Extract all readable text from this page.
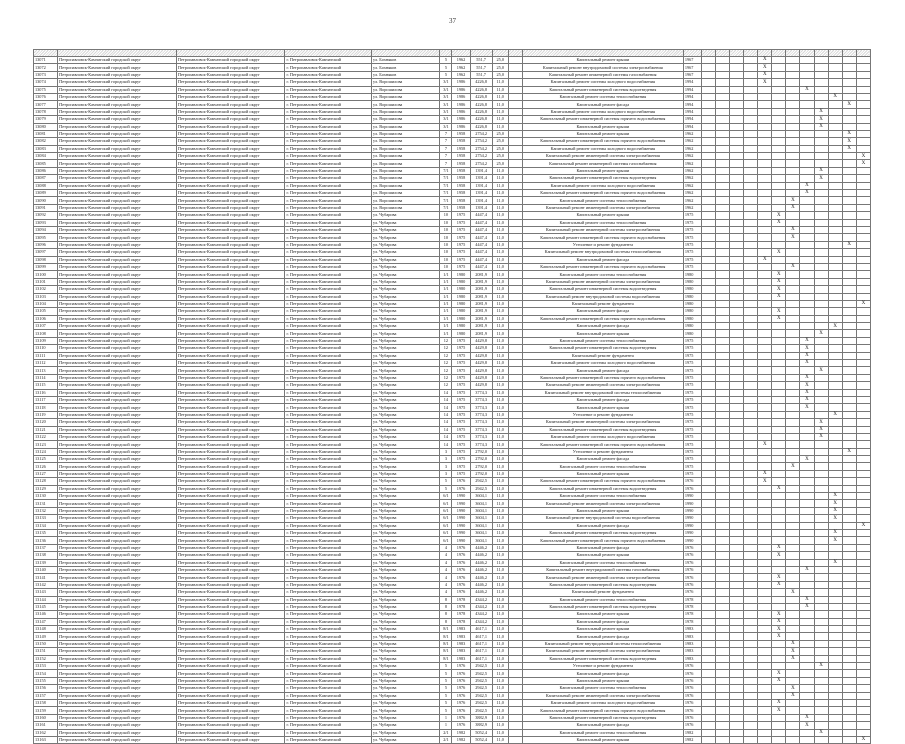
37

13071	Петропавловск-Камчатский городской округ	Петропавловск-Камчатский городской округ	г. Петропавловск-Камчатский	ул. Бохняков	5	1962	551,7	25,0		Капитальный ремонт крыши	1967					X							
13072	Петропавловск-Камчатский городской округ	Петропавловск-Камчатский городской округ	г. Петропавловск-Камчатский	ул. Бохняков	5	1962	551,7	25,0		Капитальный ремонт внутридомовой системы электроснабжения	1967					X							
13073	Петропавловск-Камчатский городской округ	Петропавловск-Камчатский городской округ	г. Петропавловск-Камчатский	ул. Бохняков	5	1962	551,7	25,0		Капитальный ремонт инженерной системы газоснабжения	1967					X							
13074	Петропавловск-Камчатский городской округ	Петропавловск-Камчатский городской округ	г. Петропавловск-Камчатский	ул. Ворошилова	3/1	1986	4226,8	11,0		Капитальный ремонт системы холодного водоснабжения	1994					X							
13075	Петропавловск-Камчатский городской округ	Петропавловск-Камчатский городской округ	г. Петропавловск-Камчатский	ул. Ворошилова	3/1	1986	4226,8	11,0		Капитальный ремонт инженерной системы водоотведения	1994								X				
13076	Петропавловск-Камчатский городской округ	Петропавловск-Камчатский городской округ	г. Петропавловск-Камчатский	ул. Ворошилова	3/1	1986	4226,8	11,0		Капитальный ремонт системы теплоснабжения	1994										X		
13077	Петропавловск-Камчатский городской округ	Петропавловск-Камчатский городской округ	г. Петропавловск-Камчатский	ул. Ворошилова	3/1	1986	4226,8	11,0		Капитальный ремонт фасада	1994											X	
13078	Петропавловск-Камчатский городской округ	Петропавловск-Камчатский городской округ	г. Петропавловск-Камчатский	ул. Ворошилова	3/1	1986	4226,8	11,0		Капитальный ремонт системы холодного водоснабжения	1994									X			
13079	Петропавловск-Камчатский городской округ	Петропавловск-Камчатский городской округ	г. Петропавловск-Камчатский	ул. Ворошилова	3/1	1986	4226,8	11,0		Капитальный ремонт инженерной системы горячего водоснабжения	1994									X			
13080	Петропавловск-Камчатский городской округ	Петропавловск-Камчатский городской округ	г. Петропавловск-Камчатский	ул. Ворошилова	3/1	1986	4226,8	11,0		Капитальный ремонт крыши	1994									X			
13081	Петропавловск-Камчатский городской округ	Петропавловск-Камчатский городской округ	г. Петропавловск-Камчатский	ул. Ворошилова	7	1958	2754,2	25,0		Капитальный ремонт крыши	1962											X	
13082	Петропавловск-Камчатский городской округ	Петропавловск-Камчатский городской округ	г. Петропавловск-Камчатский	ул. Ворошилова	7	1958	2754,2	25,0		Капитальный ремонт инженерной системы горячего водоснабжения	1962											X	
13083	Петропавловск-Камчатский городской округ	Петропавловск-Камчатский городской округ	г. Петропавловск-Камчатский	ул. Ворошилова	7	1958	2754,2	25,0		Капитальный ремонт системы холодного водоснабжения	1962											X	
13084	Петропавловск-Камчатский городской округ	Петропавловск-Камчатский городской округ	г. Петропавловск-Камчатский	ул. Ворошилова	7	1958	2754,2	25,0		Капитальный ремонт инженерной системы электроснабжения	1962												X
13085	Петропавловск-Камчатский городской округ	Петропавловск-Камчатский городской округ	г. Петропавловск-Камчатский	ул. Ворошилова	7	1958	2754,2	25,0		Капитальный ремонт инженерной системы газоснабжения	1962												X
13086	Петропавловск-Камчатский городской округ	Петропавловск-Камчатский городской округ	г. Петропавловск-Камчатский	ул. Ворошилова	7/1	1958	1391,4	11,0		Капитальный ремонт крыши	1962									X			
13087	Петропавловск-Камчатский городской округ	Петропавловск-Камчатский городской округ	г. Петропавловск-Камчатский	ул. Ворошилова	7/1	1958	1391,4	11,0		Капитальный ремонт инженерной системы водоотведения	1962									X			
13088	Петропавловск-Камчатский городской округ	Петропавловск-Камчатский городской округ	г. Петропавловск-Камчатский	ул. Ворошилова	7/1	1958	1391,4	11,0		Капитальный ремонт системы холодного водоснабжения	1962								X				
13089	Петропавловск-Камчатский городской округ	Петропавловск-Камчатский городской округ	г. Петропавловск-Камчатский	ул. Ворошилова	7/1	1958	1391,4	11,0		Капитальный ремонт инженерной системы горячего водоснабжения	1962								X				
13090	Петропавловск-Камчатский городской округ	Петропавловск-Камчатский городской округ	г. Петропавловск-Камчатский	ул. Ворошилова	7/1	1958	1391,4	11,0		Капитальный ремонт системы теплоснабжения	1962							X					
13091	Петропавловск-Камчатский городской округ	Петропавловск-Камчатский городской округ	г. Петропавловск-Камчатский	ул. Ворошилова	7/1	1958	1391,4	11,0		Капитальный ремонт инженерной системы электроснабжения	1962							X					
13092	Петропавловск-Камчатский городской округ	Петропавловск-Камчатский городской округ	г. Петропавловск-Камчатский	ул. Чубарова	10	1975	4447,4	11,0		Капитальный ремонт крыши	1975						X						
13093	Петропавловск-Камчатский городской округ	Петропавловск-Камчатский городской округ	г. Петропавловск-Камчатский	ул. Чубарова	10	1975	4447,4	11,0		Капитальный ремонт системы теплоснабжения	1975						X						
13094	Петропавловск-Камчатский городской округ	Петропавловск-Камчатский городской округ	г. Петропавловск-Камчатский	ул. Чубарова	10	1975	4447,4	11,0		Капитальный ремонт инженерной системы электроснабжения	1975							X					
13095	Петропавловск-Камчатский городской округ	Петропавловск-Камчатский городской округ	г. Петропавловск-Камчатский	ул. Чубарова	10	1975	4447,4	11,0		Капитальный ремонт инженерной системы горячего водоснабжения	1975							X					
13096	Петропавловск-Камчатский городской округ	Петропавловск-Камчатский городской округ	г. Петропавловск-Камчатский	ул. Чубарова	10	1975	4447,4	11,0		Утепление и ремонт фундамента	1975											X	
13097	Петропавловск-Камчатский городской округ	Петропавловск-Камчатский городской округ	г. Петропавловск-Камчатский	ул. Чубарова	10	1975	4447,4	11,0		Капитальный ремонт внутридомовой системы теплоснабжения	1975						X						
13098	Петропавловск-Камчатский городской округ	Петропавловск-Камчатский городской округ	г. Петропавловск-Камчатский	ул. Чубарова	10	1975	4447,4	11,0		Капитальный ремонт фасада	1975					X							
13099	Петропавловск-Камчатский городской округ	Петропавловск-Камчатский городской округ	г. Петропавловск-Камчатский	ул. Чубарова	10	1975	4447,4	11,0		Капитальный ремонт инженерной системы горячего водоснабжения	1975							X					
13100	Петропавловск-Камчатский городской округ	Петропавловск-Камчатский городской округ	г. Петропавловск-Камчатский	ул. Чубарова	1/1	1980	2081,9	11,0		Капитальный ремонт системы теплоснабжения	1980						X						
13101	Петропавловск-Камчатский городской округ	Петропавловск-Камчатский городской округ	г. Петропавловск-Камчатский	ул. Чубарова	1/1	1980	2081,9	11,0		Капитальный ремонт инженерной системы электроснабжения	1980						X						
13102	Петропавловск-Камчатский городской округ	Петропавловск-Камчатский городской округ	г. Петропавловск-Камчатский	ул. Чубарова	1/1	1980	2081,9	11,0		Капитальный ремонт инженерной системы водоотведения	1980						X						
13103	Петропавловск-Камчатский городской округ	Петропавловск-Камчатский городской округ	г. Петропавловск-Камчатский	ул. Чубарова	1/1	1980	2081,9	11,0		Капитальный ремонт внутридомовой системы водоснабжения	1980						X						
13104	Петропавловск-Камчатский городской округ	Петропавловск-Камчатский городской округ	г. Петропавловск-Камчатский	ул. Чубарова	1/1	1980	2081,9	11,0		Капитальный ремонт фундамента	1980												X
13105	Петропавловск-Камчатский городской округ	Петропавловск-Камчатский городской округ	г. Петропавловск-Камчатский	ул. Чубарова	1/1	1980	2081,9	11,0		Капитальный ремонт фасада	1980						X						
13106	Петропавловск-Камчатский городской округ	Петропавловск-Камчатский городской округ	г. Петропавловск-Камчатский	ул. Чубарова	1/1	1980	2081,9	11,0		Капитальный ремонт инженерной системы горячего водоснабжения	1980						X						
13107	Петропавловск-Камчатский городской округ	Петропавловск-Камчатский городской округ	г. Петропавловск-Камчатский	ул. Чубарова	1/1	1980	2081,9	11,0		Капитальный ремонт фасада	1980										X		
13108	Петропавловск-Камчатский городской округ	Петропавловск-Камчатский городской округ	г. Петропавловск-Камчатский	ул. Чубарова	1/1	1980	2081,9	11,0		Капитальный ремонт крыши	1980									X			
13109	Петропавловск-Камчатский городской округ	Петропавловск-Камчатский городской округ	г. Петропавловск-Камчатский	ул. Чубарова	12	1975	4429,8	11,0		Капитальный ремонт системы теплоснабжения	1975								X				
13110	Петропавловск-Камчатский городской округ	Петропавловск-Камчатский городской округ	г. Петропавловск-Камчатский	ул. Чубарова	12	1975	4429,8	11,0		Капитальный ремонт инженерной системы водоотведения	1975								X				
13111	Петропавловск-Камчатский городской округ	Петропавловск-Камчатский городской округ	г. Петропавловск-Камчатский	ул. Чубарова	12	1975	4429,8	11,0		Капитальный ремонт фундамента	1975								X				
13112	Петропавловск-Камчатский городской округ	Петропавловск-Камчатский городской округ	г. Петропавловск-Камчатский	ул. Чубарова	12	1975	4429,8	11,0		Капитальный ремонт системы холодного водоснабжения	1975								X				
13113	Петропавловск-Камчатский городской округ	Петропавловск-Камчатский городской округ	г. Петропавловск-Камчатский	ул. Чубарова	12	1975	4429,8	11,0		Капитальный ремонт фасада	1975									X			
13114	Петропавловск-Камчатский городской округ	Петропавловск-Камчатский городской округ	г. Петропавловск-Камчатский	ул. Чубарова	12	1975	4429,8	11,0		Капитальный ремонт инженерной системы горячего водоснабжения	1975								X				
13115	Петропавловск-Камчатский городской округ	Петропавловск-Камчатский городской округ	г. Петропавловск-Камчатский	ул. Чубарова	12	1975	4429,8	11,0		Капитальный ремонт инженерной системы электроснабжения	1975								X				
13116	Петропавловск-Камчатский городской округ	Петропавловск-Камчатский городской округ	г. Петропавловск-Камчатский	ул. Чубарова	14	1975	3774,3	11,0		Капитальный ремонт внутридомовой системы теплоснабжения	1975								X				
13117	Петропавловск-Камчатский городской округ	Петропавловск-Камчатский городской округ	г. Петропавловск-Камчатский	ул. Чубарова	14	1975	3774,3	11,0		Капитальный ремонт фасада	1975								X				
13118	Петропавловск-Камчатский городской округ	Петропавловск-Камчатский городской округ	г. Петропавловск-Камчатский	ул. Чубарова	14	1975	3774,3	11,0		Капитальный ремонт крыши	1975								X				
13119	Петропавловск-Камчатский городской округ	Петропавловск-Камчатский городской округ	г. Петропавловск-Камчатский	ул. Чубарова	14	1975	3774,3	11,0		Утепление и ремонт фундамента	1975										X		
13120	Петропавловск-Камчатский городской округ	Петропавловск-Камчатский городской округ	г. Петропавловск-Камчатский	ул. Чубарова	14	1975	3774,3	11,0		Капитальный ремонт инженерной системы электроснабжения	1975									X			
13121	Петропавловск-Камчатский городской округ	Петропавловск-Камчатский городской округ	г. Петропавловск-Камчатский	ул. Чубарова	14	1975	3774,3	11,0		Капитальный ремонт инженерной системы водоотведения	1975									X			
13122	Петропавловск-Камчатский городской округ	Петропавловск-Камчатский городской округ	г. Петропавловск-Камчатский	ул. Чубарова	14	1975	3774,3	11,0		Капитальный ремонт системы холодного водоснабжения	1975									X			
13123	Петропавловск-Камчатский городской округ	Петропавловск-Камчатский городской округ	г. Петропавловск-Камчатский	ул. Чубарова	14	1975	3774,3	11,0		Капитальный ремонт инженерной системы горячего водоснабжения	1975					X							
13124	Петропавловск-Камчатский городской округ	Петропавловск-Камчатский городской округ	г. Петропавловск-Камчатский	ул. Чубарова	3	1975	2792,0	11,0		Утепление и ремонт фундамента	1975											X	
13125	Петропавловск-Камчатский городской округ	Петропавловск-Камчатский городской округ	г. Петропавловск-Камчатский	ул. Чубарова	3	1975	2792,0	11,0		Капитальный ремонт фасада	1975								X				
13126	Петропавловск-Камчатский городской округ	Петропавловск-Камчатский городской округ	г. Петропавловск-Камчатский	ул. Чубарова	3	1975	2792,0	11,0		Капитальный ремонт системы теплоснабжения	1975							X					
13127	Петропавловск-Камчатский городской округ	Петропавловск-Камчатский городской округ	г. Петропавловск-Камчатский	ул. Чубарова	3	1975	2792,0	11,0		Капитальный ремонт крыши	1975					X							
13128	Петропавловск-Камчатский городской округ	Петропавловск-Камчатский городской округ	г. Петропавловск-Камчатский	ул. Чубарова	5	1976	2942,5	11,0		Капитальный ремонт инженерной системы горячего водоснабжения	1976					X							
13129	Петропавловск-Камчатский городской округ	Петропавловск-Камчатский городской округ	г. Петропавловск-Камчатский	ул. Чубарова	5	1976	2942,5	11,0		Капитальный ремонт инженерной системы водоотведения	1976						X						
13130	Петропавловск-Камчатский городской округ	Петропавловск-Камчатский городской округ	г. Петропавловск-Камчатский	ул. Чубарова	6/1	1990	3604,1	11,0		Капитальный ремонт системы теплоснабжения	1990										X		
13131	Петропавловск-Камчатский городской округ	Петропавловск-Камчатский городской округ	г. Петропавловск-Камчатский	ул. Чубарова	6/1	1990	3604,1	11,0		Капитальный ремонт инженерной системы электроснабжения	1990										X		
13132	Петропавловск-Камчатский городской округ	Петропавловск-Камчатский городской округ	г. Петропавловск-Камчатский	ул. Чубарова	6/1	1990	3604,1	11,0		Капитальный ремонт крыши	1990										X		
13133	Петропавловск-Камчатский городской округ	Петропавловск-Камчатский городской округ	г. Петропавловск-Камчатский	ул. Чубарова	6/1	1990	3604,1	11,0		Капитальный ремонт внутридомовой системы водоснабжения	1990										X		
13134	Петропавловск-Камчатский городской округ	Петропавловск-Камчатский городской округ	г. Петропавловск-Камчатский	ул. Чубарова	6/1	1990	3604,1	11,0		Капитальный ремонт фасада	1990												X
13135	Петропавловск-Камчатский городской округ	Петропавловск-Камчатский городской округ	г. Петропавловск-Камчатский	ул. Чубарова	6/1	1990	3604,1	11,0		Капитальный ремонт инженерной системы водоотведения	1990										X		
13136	Петропавловск-Камчатский городской округ	Петропавловск-Камчатский городской округ	г. Петропавловск-Камчатский	ул. Чубарова	6/1	1990	3604,1	11,0		Капитальный ремонт инженерной системы горячего водоснабжения	1990										X		
13137	Петропавловск-Камчатский городской округ	Петропавловск-Камчатский городской округ	г. Петропавловск-Камчатский	ул. Чубарова	4	1976	4446,2	11,0		Капитальный ремонт фасада	1976						X						
13138	Петропавловск-Камчатский городской округ	Петропавловск-Камчатский городской округ	г. Петропавловск-Камчатский	ул. Чубарова	4	1976	4446,2	11,0		Капитальный ремонт крыши	1976						X						
13139	Петропавловск-Камчатский городской округ	Петропавловск-Камчатский городской округ	г. Петропавловск-Камчатский	ул. Чубарова	4	1976	4446,2	11,0		Капитальный ремонт системы теплоснабжения	1976										X		
13140	Петропавловск-Камчатский городской округ	Петропавловск-Камчатский городской округ	г. Петропавловск-Камчатский	ул. Чубарова	4	1976	4446,2	11,0		Капитальный ремонт внутридомовой системы газоснабжения	1976								X				
13141	Петропавловск-Камчатский городской округ	Петропавловск-Камчатский городской округ	г. Петропавловск-Камчатский	ул. Чубарова	4	1976	4446,2	11,0		Капитальный ремонт инженерной системы электроснабжения	1976						X						
13142	Петропавловск-Камчатский городской округ	Петропавловск-Камчатский городской округ	г. Петропавловск-Камчатский	ул. Чубарова	4	1976	4446,2	11,0		Капитальный ремонт инженерной системы водоотведения	1976						X						
13143	Петропавловск-Камчатский городской округ	Петропавловск-Камчатский городской округ	г. Петропавловск-Камчатский	ул. Чубарова	4	1976	4446,2	11,0		Капитальный ремонт фундамента	1976							X					
13144	Петропавловск-Камчатский городской округ	Петропавловск-Камчатский городской округ	г. Петропавловск-Камчатский	ул. Чубарова	8	1978	4344,2	11,0		Капитальный ремонт системы теплоснабжения	1978								X				
13145	Петропавловск-Камчатский городской округ	Петропавловск-Камчатский городской округ	г. Петропавловск-Камчатский	ул. Чубарова	8	1978	4344,2	11,0		Капитальный ремонт инженерной системы водоотведения	1978								X				
13146	Петропавловск-Камчатский городской округ	Петропавловск-Камчатский городской округ	г. Петропавловск-Камчатский	ул. Чубарова	8	1978	4344,2	11,0		Капитальный ремонт крыши	1978						X						
13147	Петропавловск-Камчатский городской округ	Петропавловск-Камчатский городской округ	г. Петропавловск-Камчатский	ул. Чубарова	8	1978	4344,2	11,0		Капитальный ремонт фасада	1978						X						
13148	Петропавловск-Камчатский городской округ	Петропавловск-Камчатский городской округ	г. Петропавловск-Камчатский	ул. Чубарова	8/1	1983	4617,1	11,0		Капитальный ремонт крыши	1983						X						
13149	Петропавловск-Камчатский городской округ	Петропавловск-Камчатский городской округ	г. Петропавловск-Камчатский	ул. Чубарова	8/1	1983	4617,1	11,0		Капитальный ремонт фасада	1983						X						
13150	Петропавловск-Камчатский городской округ	Петропавловск-Камчатский городской округ	г. Петропавловск-Камчатский	ул. Чубарова	8/1	1983	4617,1	11,0		Капитальный ремонт внутридомовой системы теплоснабжения	1983							X					
13151	Петропавловск-Камчатский городской округ	Петропавловск-Камчатский городской округ	г. Петропавловск-Камчатский	ул. Чубарова	8/1	1983	4617,1	11,0		Капитальный ремонт инженерной системы электроснабжения	1983							X					
13152	Петропавловск-Камчатский городской округ	Петропавловск-Камчатский городской округ	г. Петропавловск-Камчатский	ул. Чубарова	8/1	1983	4617,1	11,0		Капитальный ремонт инженерной системы водоотведения	1983							X					
13153	Петропавловск-Камчатский городской округ	Петропавловск-Камчатский городской округ	г. Петропавловск-Камчатский	ул. Чубарова	5	1976	2942,5	11,0		Утепление и ремонт фундамента	1976									X			
13154	Петропавловск-Камчатский городской округ	Петропавловск-Камчатский городской округ	г. Петропавловск-Камчатский	ул. Чубарова	5	1976	2942,5	11,0		Капитальный ремонт фасада	1976						X						
13155	Петропавловск-Камчатский городской округ	Петропавловск-Камчатский городской округ	г. Петропавловск-Камчатский	ул. Чубарова	5	1976	2942,5	11,0		Капитальный ремонт крыши	1976						X						
13156	Петропавловск-Камчатский городской округ	Петропавловск-Камчатский городской округ	г. Петропавловск-Камчатский	ул. Чубарова	5	1976	2942,5	11,0		Капитальный ремонт системы теплоснабжения	1976							X					
13157	Петропавловск-Камчатский городской округ	Петропавловск-Камчатский городской округ	г. Петропавловск-Камчатский	ул. Чубарова	5	1976	2942,5	11,0		Капитальный ремонт инженерной системы электроснабжения	1976							X					
13158	Петропавловск-Камчатский городской округ	Петропавловск-Камчатский городской округ	г. Петропавловск-Камчатский	ул. Чубарова	5	1976	2942,5	11,0		Капитальный ремонт системы холодного водоснабжения	1976						X						
13159	Петропавловск-Камчатский городской округ	Петропавловск-Камчатский городской округ	г. Петропавловск-Камчатский	ул. Чубарова	5	1976	2942,5	11,0		Капитальный ремонт инженерной системы горячего водоснабжения	1976						X						
13160	Петропавловск-Камчатский городской округ	Петропавловск-Камчатский городской округ	г. Петропавловск-Камчатский	ул. Чубарова	1	1976	3882,9	11,0		Капитальный ремонт инженерной системы водоотведения	1976								X				
13161	Петропавловск-Камчатский городской округ	Петропавловск-Камчатский городской округ	г. Петропавловск-Камчатский	ул. Чубарова	1	1976	3882,9	11,0		Капитальный ремонт фасада	1976								X				
13162	Петропавловск-Камчатский городской округ	Петропавловск-Камчатский городской округ	г. Петропавловск-Камчатский	ул. Чубарова	2/1	1982	5052,4	11,0		Капитальный ремонт системы теплоснабжения	1982									X			
13163	Петропавловск-Камчатский городской округ	Петропавловск-Камчатский городской округ	г. Петропавловск-Камчатский	ул. Чубарова	2/1	1982	5052,4	11,0		Капитальный ремонт крыши	1982												X
